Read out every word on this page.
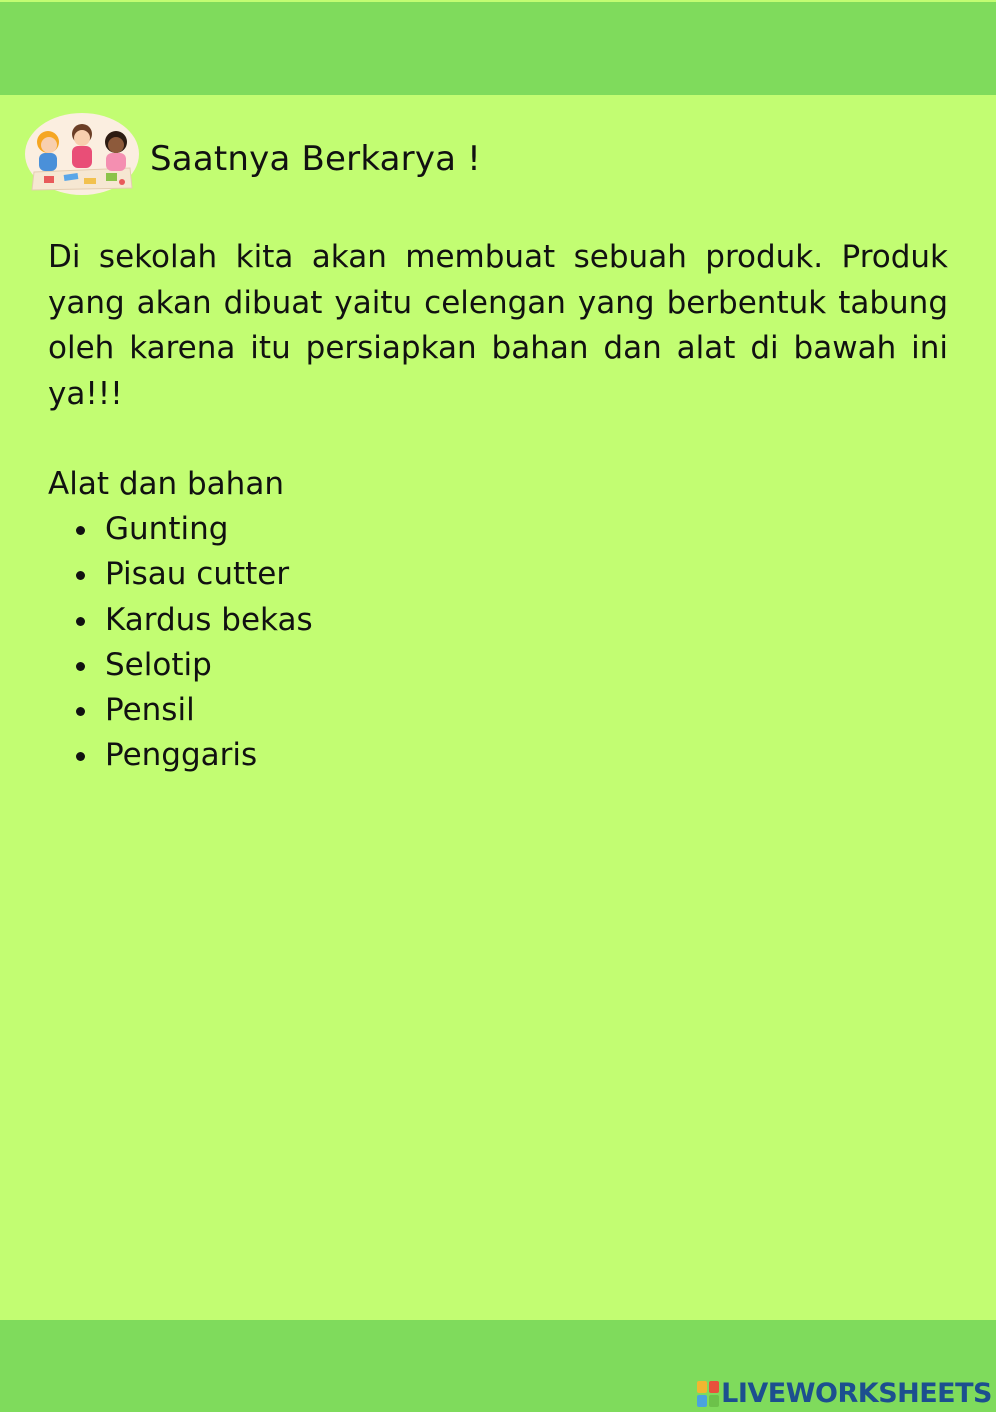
Saatnya Berkarya !

Di sekolah kita akan membuat sebuah produk. Produk yang akan dibuat yaitu celengan yang berbentuk tabung oleh karena itu persiapkan bahan dan alat di bawah ini ya!!!

Alat dan bahan

Gunting
Pisau cutter
Kardus bekas
Selotip
Pensil
Penggaris
LIVEWORKSHEETS
